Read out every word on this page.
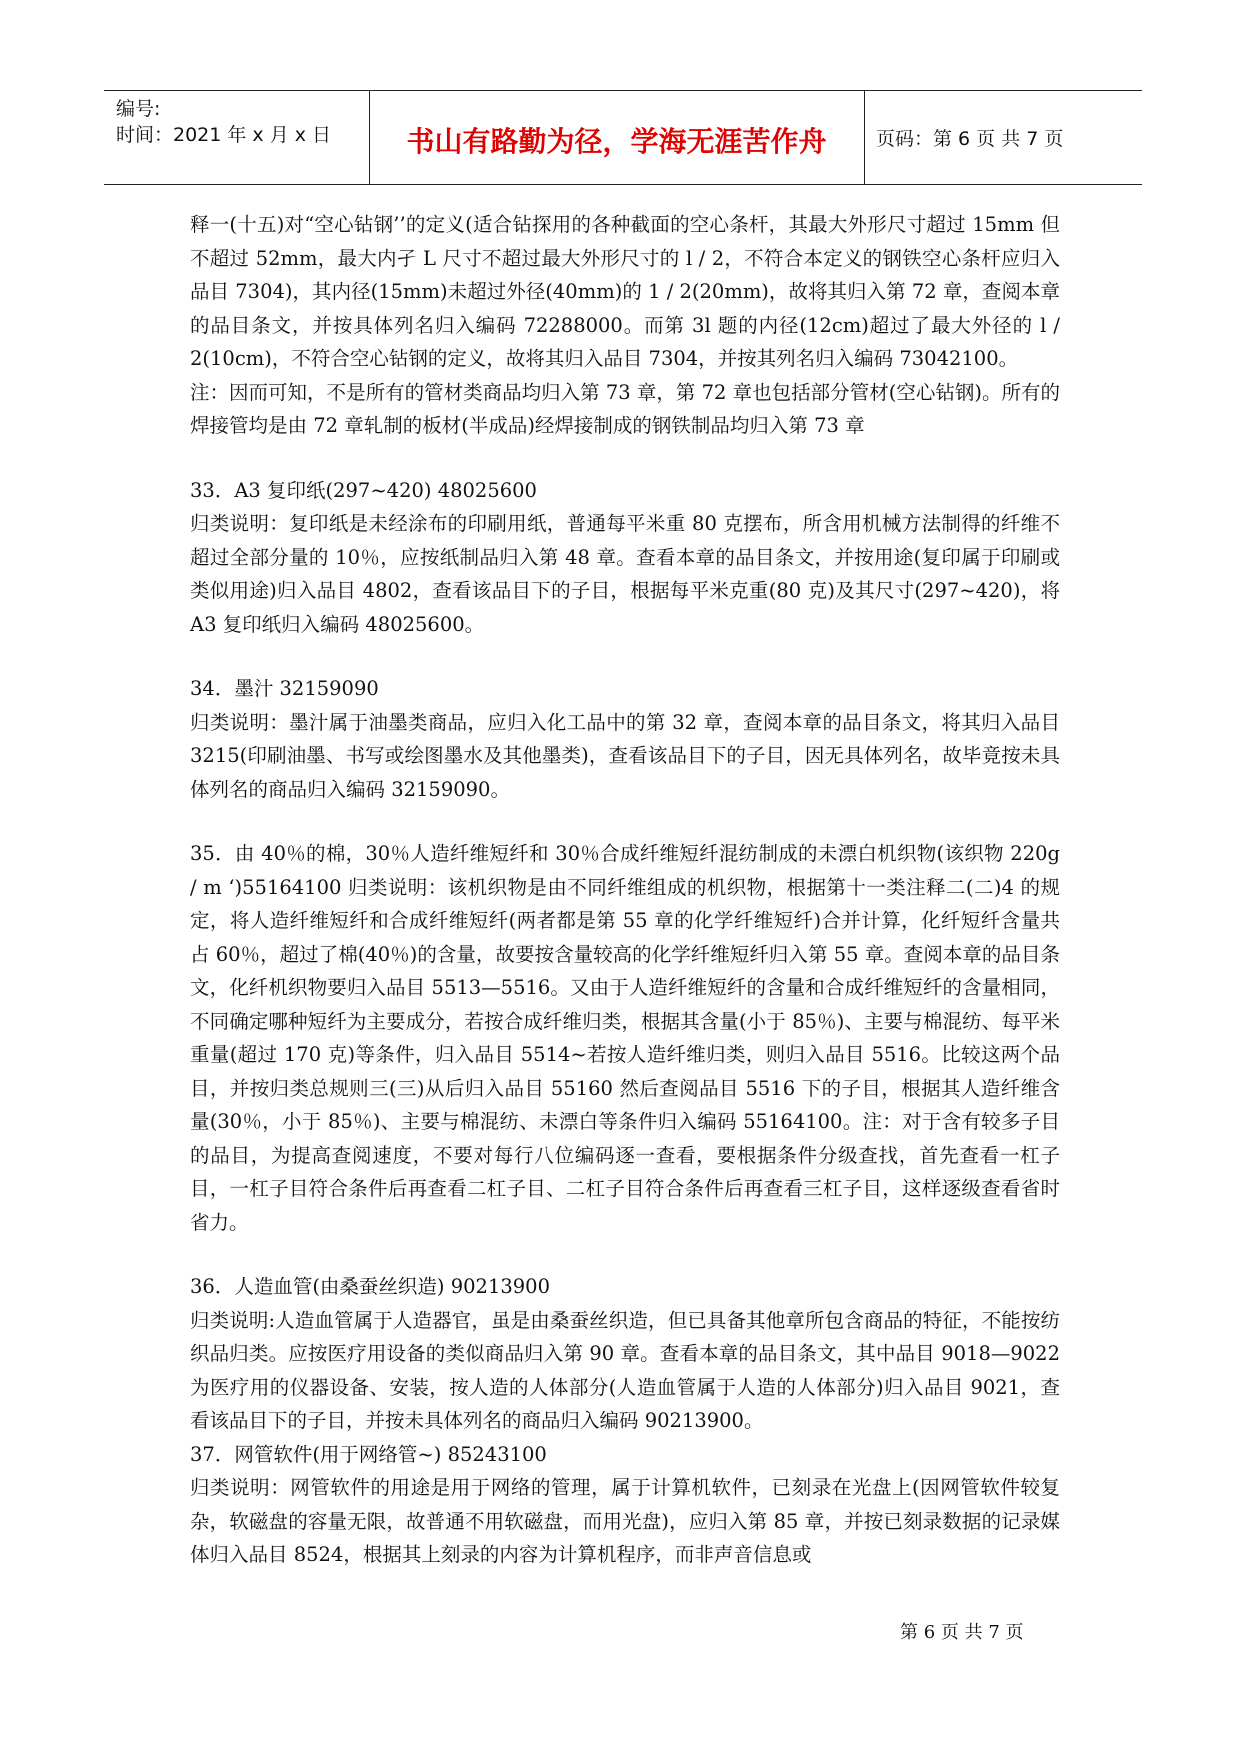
编号:
时间：2021 年 x 月 x 日	书山有路勤为径，学海无涯苦作舟	页码：第 6 页 共 7 页

释一(十五)对“空心钻钢’’的定义(适合钻探用的各种截面的空心条杆，其最大外形尺寸超过 15mm 但不超过 52mm，最大内孑 L 尺寸不超过最大外形尺寸的 l / 2，不符合本定义的钢铁空心条杆应归入品目 7304)，其内径(15mm)未超过外径(40mm)的 1 / 2(20mm)，故将其归入第 72 章，查阅本章的品目条文，并按具体列名归入编码 72288000。而第 3l 题的内径(12cm)超过了最大外径的 l / 2(10cm)，不符合空心钻钢的定义，故将其归入品目 7304，并按其列名归入编码 73042100。

注：因而可知，不是所有的管材类商品均归入第 73 章，第 72 章也包括部分管材(空心钻钢)。所有的焊接管均是由 72 章轧制的板材(半成品)经焊接制成的钢铁制品均归入第 73 章

33．A3 复印纸(297~420) 48025600

归类说明：复印纸是未经涂布的印刷用纸，普通每平米重 80 克摆布，所含用机械方法制得的纤维不超过全部分量的 10％，应按纸制品归入第 48 章。查看本章的品目条文，并按用途(复印属于印刷或类似用途)归入品目 4802，查看该品目下的子目，根据每平米克重(80 克)及其尺寸(297~420)，将 A3 复印纸归入编码 48025600。

34．墨汁 32159090

归类说明：墨汁属于油墨类商品，应归入化工品中的第 32 章，查阅本章的品目条文，将其归入品目 3215(印刷油墨、书写或绘图墨水及其他墨类)，查看该品目下的子目，因无具体列名，故毕竟按未具体列名的商品归入编码 32159090。

35．由 40％的棉，30％人造纤维短纤和 30％合成纤维短纤混纺制成的未漂白机织物(该织物 220g / m ‘)55164100 归类说明：该机织物是由不同纤维组成的机织物，根据第十一类注释二(二)4 的规定，将人造纤维短纤和合成纤维短纤(两者都是第 55 章的化学纤维短纤)合并计算，化纤短纤含量共占 60％，超过了棉(40％)的含量，故要按含量较高的化学纤维短纤归入第 55 章。查阅本章的品目条文，化纤机织物要归入品目 5513—5516。又由于人造纤维短纤的含量和合成纤维短纤的含量相同，不同确定哪种短纤为主要成分，若按合成纤维归类，根据其含量(小于 85％)、主要与棉混纺、每平米重量(超过 170 克)等条件，归入品目 5514~若按人造纤维归类，则归入品目 5516。比较这两个品目，并按归类总规则三(三)从后归入品目 55160 然后查阅品目 5516 下的子目，根据其人造纤维含量(30％，小于 85％)、主要与棉混纺、未漂白等条件归入编码 55164100。注：对于含有较多子目的品目，为提高查阅速度，不要对每行八位编码逐一查看，要根据条件分级查找，首先查看一杠子目，一杠子目符合条件后再查看二杠子目、二杠子目符合条件后再查看三杠子目，这样逐级查看省时省力。

36．人造血管(由桑蚕丝织造) 90213900

归类说明:人造血管属于人造器官，虽是由桑蚕丝织造，但已具备其他章所包含商品的特征，不能按纺织品归类。应按医疗用设备的类似商品归入第 90 章。查看本章的品目条文，其中品目 9018—9022 为医疗用的仪器设备、安装，按人造的人体部分(人造血管属于人造的人体部分)归入品目 9021，查看该品目下的子目，并按未具体列名的商品归入编码 90213900。

37．网管软件(用于网络管~) 85243100

归类说明：网管软件的用途是用于网络的管理，属于计算机软件，已刻录在光盘上(因网管软件较复杂，软磁盘的容量无限，故普通不用软磁盘，而用光盘)，应归入第 85 章，并按已刻录数据的记录媒体归入品目 8524，根据其上刻录的内容为计算机程序，而非声音信息或

第 6 页 共 7 页
